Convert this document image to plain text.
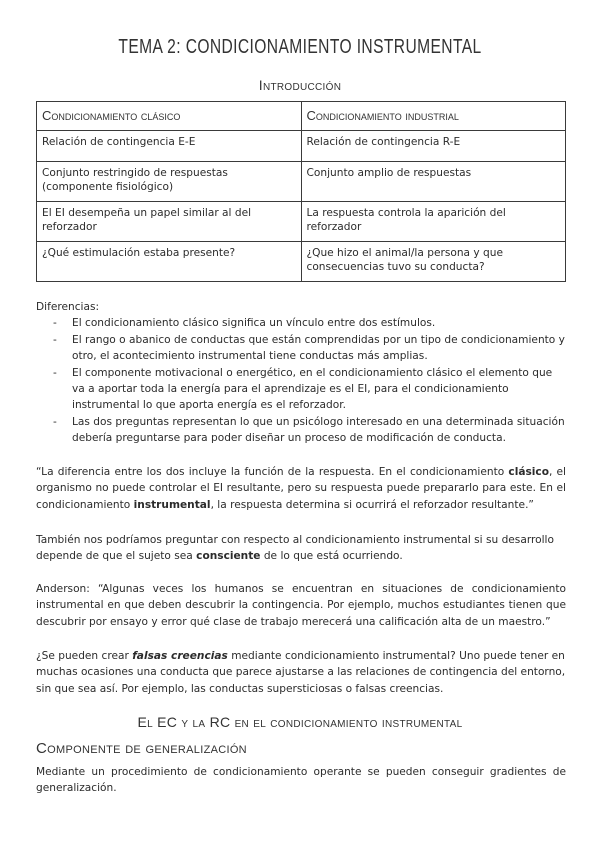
TEMA 2: CONDICIONAMIENTO INSTRUMENTAL
Introducción
Condicionamiento clásico	Condicionamiento industrial
Relación de contingencia E-E	Relación de contingencia R-E
Conjunto restringido de respuestas (componente fisiológico)	Conjunto amplio de respuestas
El EI desempeña un papel similar al del reforzador	La respuesta controla la aparición del reforzador
¿Qué estimulación estaba presente?	¿Que hizo el animal/la persona y que consecuencias tuvo su conducta?
Diferencias:
- El condicionamiento clásico significa un vínculo entre dos estímulos.
- El rango o abanico de conductas que están comprendidas por un tipo de condicionamiento y otro, el acontecimiento instrumental tiene conductas más amplias.
- El componente motivacional o energético, en el condicionamiento clásico el elemento que va a aportar toda la energía para el aprendizaje es el EI, para el condicionamiento instrumental lo que aporta energía es el reforzador.
- Las dos preguntas representan lo que un psicólogo interesado en una determinada situación debería preguntarse para poder diseñar un proceso de modificación de conducta.
“La diferencia entre los dos incluye la función de la respuesta. En el condicionamiento clásico, el organismo no puede controlar el EI resultante, pero su respuesta puede prepararlo para este. En el condicionamiento instrumental, la respuesta determina si ocurrirá el reforzador resultante.”
También nos podríamos preguntar con respecto al condicionamiento instrumental si su desarrollo depende de que el sujeto sea consciente de lo que está ocurriendo.
Anderson: “Algunas veces los humanos se encuentran en situaciones de condicionamiento instrumental en que deben descubrir la contingencia. Por ejemplo, muchos estudiantes tienen que descubrir por ensayo y error qué clase de trabajo merecerá una calificación alta de un maestro.”
¿Se pueden crear falsas creencias mediante condicionamiento instrumental? Uno puede tener en muchas ocasiones una conducta que parece ajustarse a las relaciones de contingencia del entorno, sin que sea así. Por ejemplo, las conductas supersticiosas o falsas creencias.
El EC y la RC en el condicionamiento instrumental
Componente de generalización
Mediante un procedimiento de condicionamiento operante se pueden conseguir gradientes de generalización.
